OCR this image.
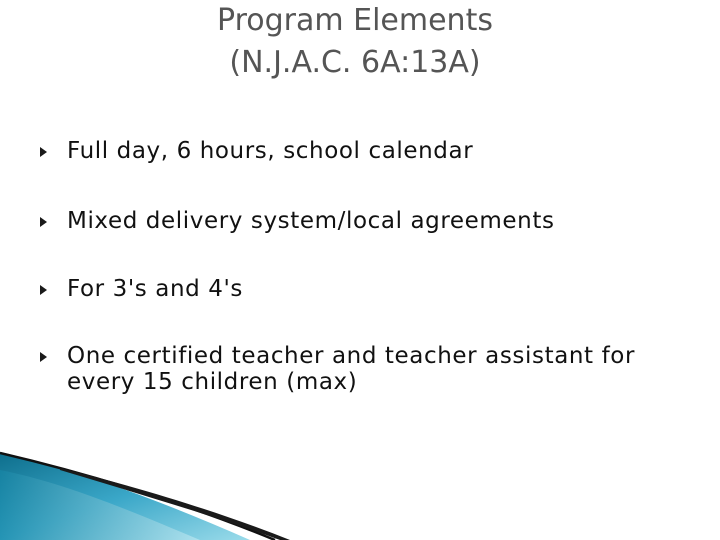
Program Elements
(N.J.A.C. 6A:13A)
Full day, 6 hours, school calendar
Mixed delivery system/local agreements
For 3's and 4's
One certified teacher and teacher assistant for every 15 children (max)
